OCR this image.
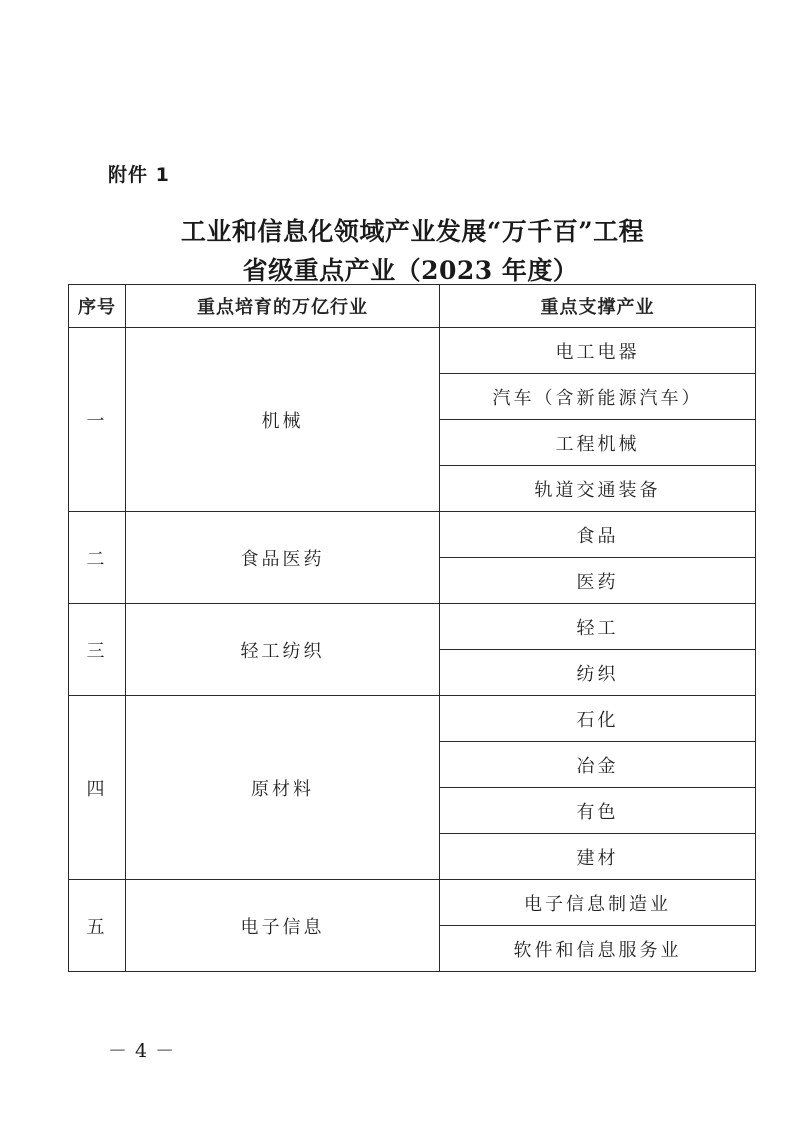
附件 1
工业和信息化领域产业发展“万千百”工程
省级重点产业（2023 年度）
序号	重点培育的万亿行业	重点支撑产业
一	机械	电工电器
		汽车（含新能源汽车）
		工程机械
		轨道交通装备
二	食品医药	食品
		医药
三	轻工纺织	轻工
		纺织
四	原材料	石化
		冶金
		有色
		建材
五	电子信息	电子信息制造业
		软件和信息服务业
－ 4 －
